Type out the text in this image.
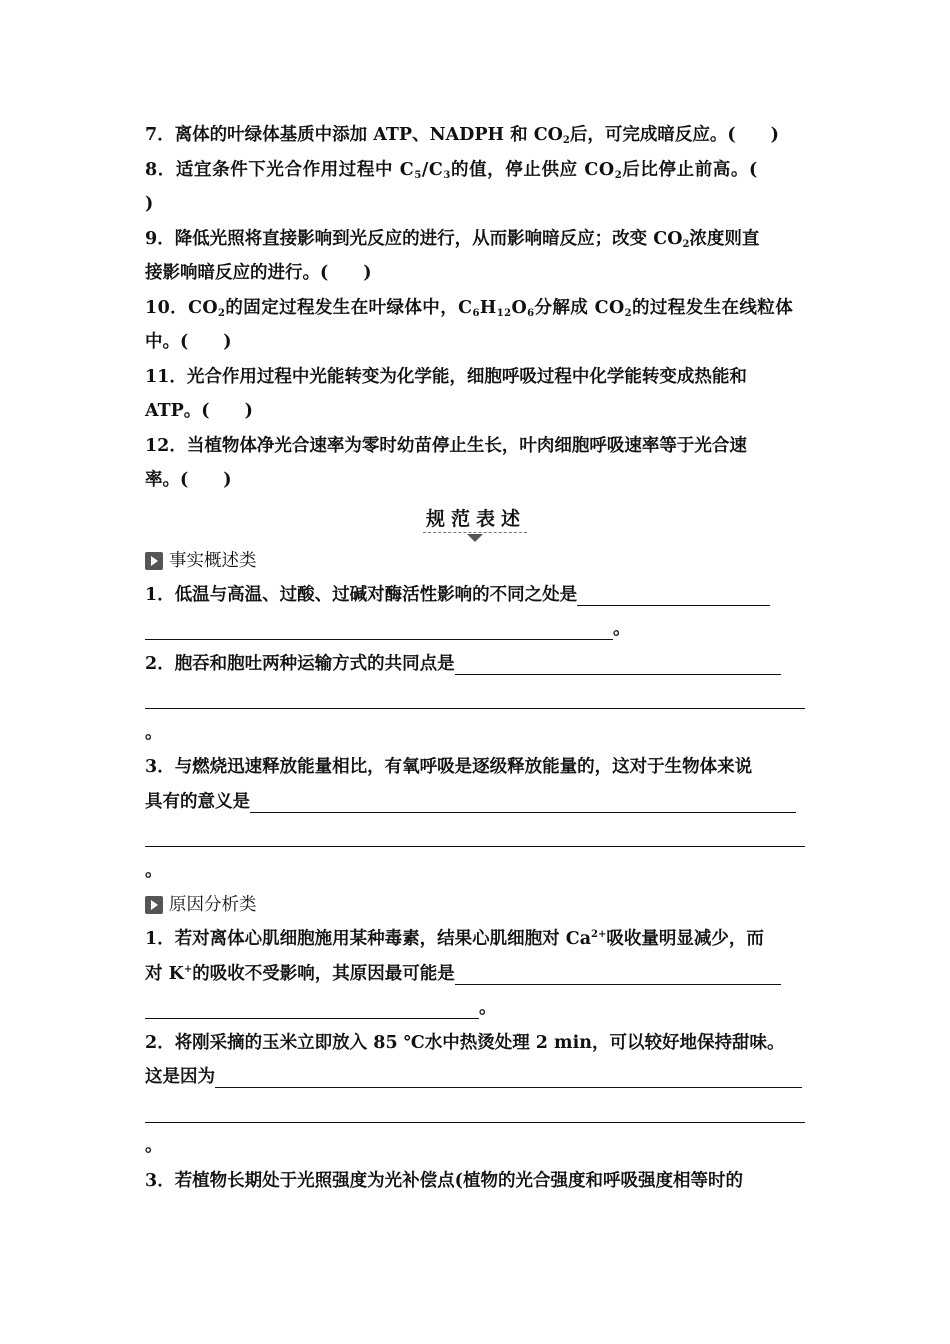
7．离体的叶绿体基质中添加 ATP、NADPH 和 $CO_2$后，可完成暗反应。(　　)
8．适宜条件下光合作用过程中 $C_5/C_3$的值，停止供应 $CO_2$后比停止前高。(
)
9．降低光照将直接影响到光反应的进行，从而影响暗反应；改变 $CO_2$浓度则直
接影响暗反应的进行。(　　)
10．$CO_2$的固定过程发生在叶绿体中，$C_6H_{12}O_6$分解成 $CO_2$的过程发生在线粒体
中。(　　)
11．光合作用过程中光能转变为化学能，细胞呼吸过程中化学能转变成热能和
ATP。(　　)
12．当植物体净光合速率为零时幼苗停止生长，叶肉细胞呼吸速率等于光合速
率。(　　)
规范表述
事实概述类
1．低温与高温、过酸、过碱对酶活性影响的不同之处是
。
2．胞吞和胞吐两种运输方式的共同点是
。
3．与燃烧迅速释放能量相比，有氧呼吸是逐级释放能量的，这对于生物体来说
具有的意义是
。
原因分析类
1．若对离体心肌细胞施用某种毒素，结果心肌细胞对 $Ca^{2+}$吸收量明显减少，而
对 K+的吸收不受影响，其原因最可能是
。
2．将刚采摘的玉米立即放入 85 ℃水中热烫处理 2 min，可以较好地保持甜味。
这是因为
。
3．若植物长期处于光照强度为光补偿点(植物的光合强度和呼吸强度相等时的
